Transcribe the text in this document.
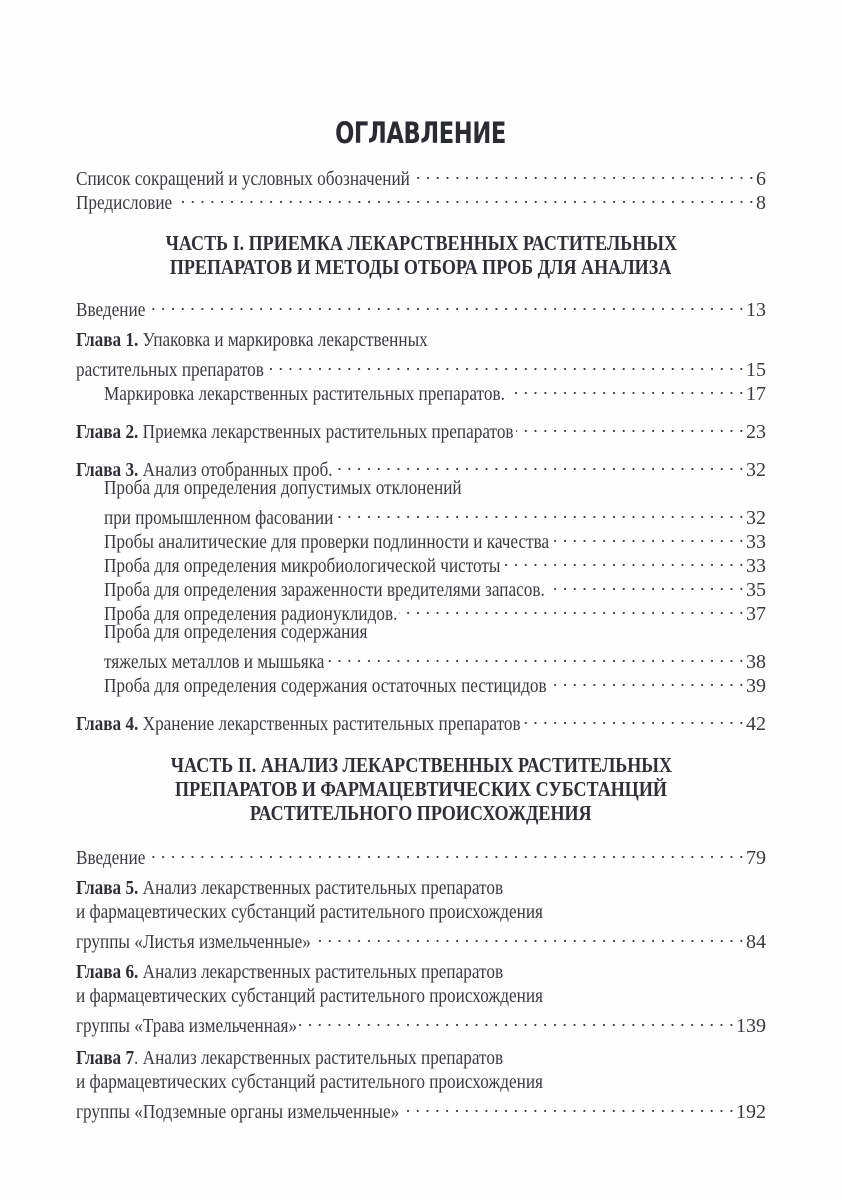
ОГЛАВЛЕНИЕ
Список сокращений и условных обозначений . . .	6
Предисловие . . .	8
ЧАСТЬ I. ПРИЕМКА ЛЕКАРСТВЕННЫХ РАСТИТЕЛЬНЫХ
ПРЕПАРАТОВ И МЕТОДЫ ОТБОРА ПРОБ ДЛЯ АНАЛИЗА
Введение . . .	13
Глава 1. Упаковка и маркировка лекарственных
растительных препаратов . . .	15
Маркировка лекарственных растительных препаратов. . . .	17
Глава 2. Приемка лекарственных растительных препаратов . . .	23
Глава 3. Анализ отобранных проб. . . .	32
Проба для определения допустимых отклонений
при промышленном фасовании . . .	32
Пробы аналитические для проверки подлинности и качества . . .	33
Проба для определения микробиологической чистоты . . .	33
Проба для определения зараженности вредителями запасов. . . .	35
Проба для определения радионуклидов. . . .	37
Проба для определения содержания
тяжелых металлов и мышьяка . . .	38
Проба для определения содержания остаточных пестицидов . . .	39
Глава 4. Хранение лекарственных растительных препаратов . . .	42
ЧАСТЬ II. АНАЛИЗ ЛЕКАРСТВЕННЫХ РАСТИТЕЛЬНЫХ
ПРЕПАРАТОВ И ФАРМАЦЕВТИЧЕСКИХ СУБСТАНЦИЙ
РАСТИТЕЛЬНОГО ПРОИСХОЖДЕНИЯ
Введение . . .	79
Глава 5. Анализ лекарственных растительных препаратов
и фармацевтических субстанций растительного происхождения
группы «Листья измельченные» . . .	84
Глава 6. Анализ лекарственных растительных препаратов
и фармацевтических субстанций растительного происхождения
группы «Трава измельченная» . . .	139
Глава 7. Анализ лекарственных растительных препаратов
и фармацевтических субстанций растительного происхождения
группы «Подземные органы измельченные» . . .	192
